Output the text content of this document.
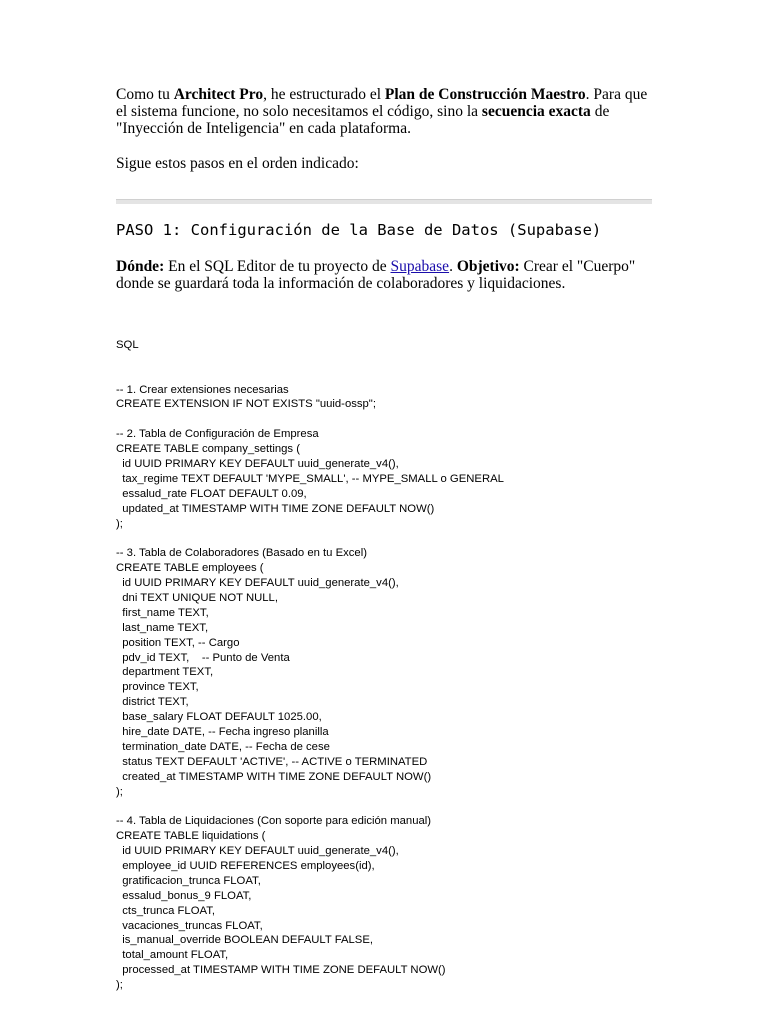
Como tu Architect Pro, he estructurado el Plan de Construcción Maestro. Para que el sistema funcione, no solo necesitamos el código, sino la secuencia exacta de "Inyección de Inteligencia" en cada plataforma.

Sigue estos pasos en el orden indicado:

PASO 1: Configuración de la Base de Datos (Supabase)

Dónde: En el SQL Editor de tu proyecto de Supabase. Objetivo: Crear el "Cuerpo" donde se guardará toda la información de colaboradores y liquidaciones.

SQL

-- 1. Crear extensiones necesarias
CREATE EXTENSION IF NOT EXISTS "uuid-ossp";
-- 2. Tabla de Configuración de Empresa
CREATE TABLE company_settings (
id UUID PRIMARY KEY DEFAULT uuid_generate_v4(),
tax_regime TEXT DEFAULT 'MYPE_SMALL', -- MYPE_SMALL o GENERAL
essalud_rate FLOAT DEFAULT 0.09,
updated_at TIMESTAMP WITH TIME ZONE DEFAULT NOW()
);
-- 3. Tabla de Colaboradores (Basado en tu Excel)
CREATE TABLE employees (
id UUID PRIMARY KEY DEFAULT uuid_generate_v4(),
dni TEXT UNIQUE NOT NULL,
first_name TEXT,
last_name TEXT,
position TEXT, -- Cargo
pdv_id TEXT,    -- Punto de Venta
department TEXT,
province TEXT,
district TEXT,
base_salary FLOAT DEFAULT 1025.00,
hire_date DATE, -- Fecha ingreso planilla
termination_date DATE, -- Fecha de cese
status TEXT DEFAULT 'ACTIVE', -- ACTIVE o TERMINATED
created_at TIMESTAMP WITH TIME ZONE DEFAULT NOW()
);
-- 4. Tabla de Liquidaciones (Con soporte para edición manual)
CREATE TABLE liquidations (
id UUID PRIMARY KEY DEFAULT uuid_generate_v4(),
employee_id UUID REFERENCES employees(id),
gratificacion_trunca FLOAT,
essalud_bonus_9 FLOAT,
cts_trunca FLOAT,
vacaciones_truncas FLOAT,
is_manual_override BOOLEAN DEFAULT FALSE,
total_amount FLOAT,
processed_at TIMESTAMP WITH TIME ZONE DEFAULT NOW()
);
